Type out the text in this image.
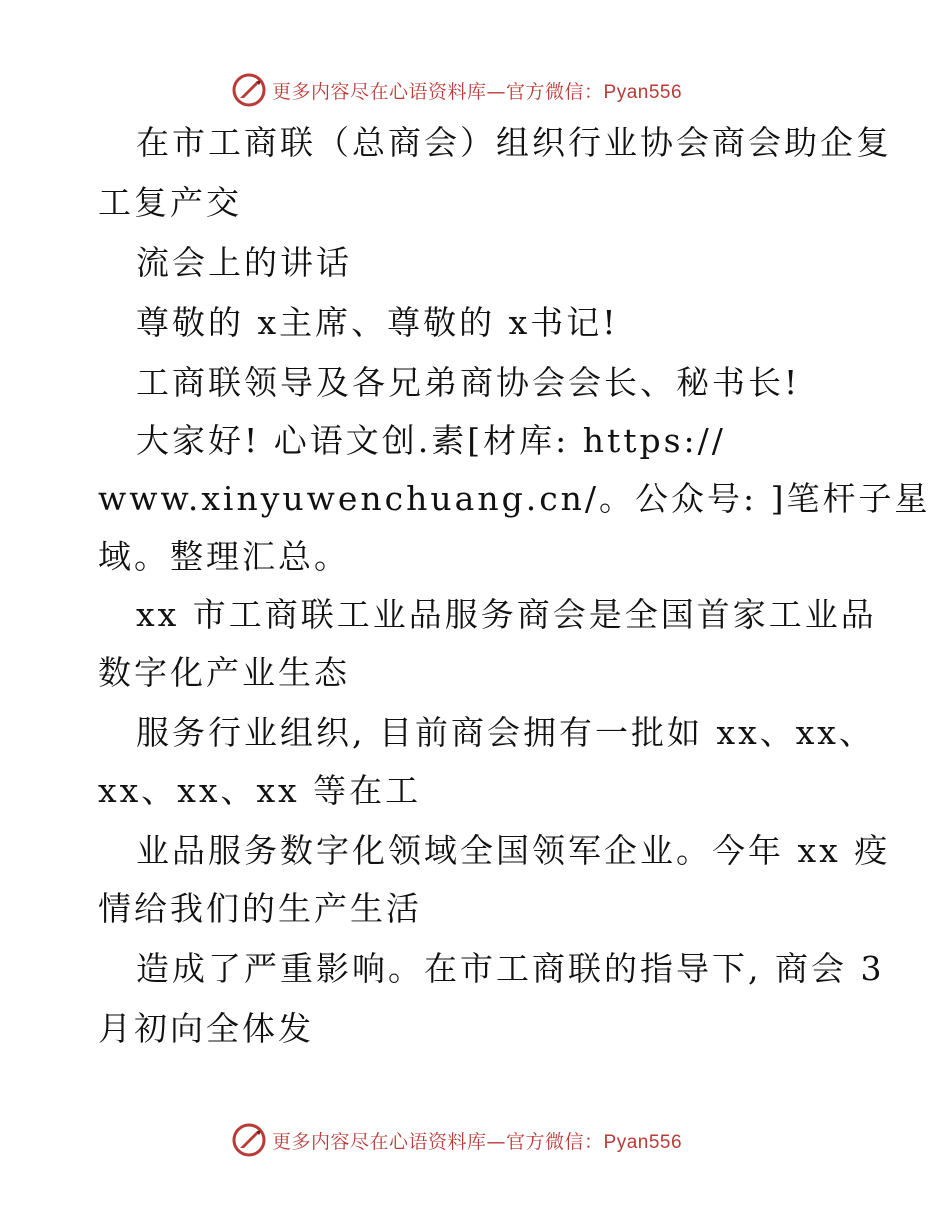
更多内容尽在心语资料库—官方微信：Pyan556
在市工商联（总商会）组织行业协会商会助企复
工复产交
流会上的讲话
尊敬的 x主席、尊敬的 x书记!
工商联领导及各兄弟商协会会长、秘书长!
大家好! 心语文创.素[材库: https://
www.xinyuwenchuang.cn/。公众号: ]笔杆子星
域。整理汇总。
xx 市工商联工业品服务商会是全国首家工业品
数字化产业生态
服务行业组织, 目前商会拥有一批如 xx、xx、
xx、xx、xx 等在工
业品服务数字化领域全国领军企业。今年 xx 疫
情给我们的生产生活
造成了严重影响。在市工商联的指导下, 商会 3
月初向全体发
更多内容尽在心语资料库—官方微信：Pyan556
